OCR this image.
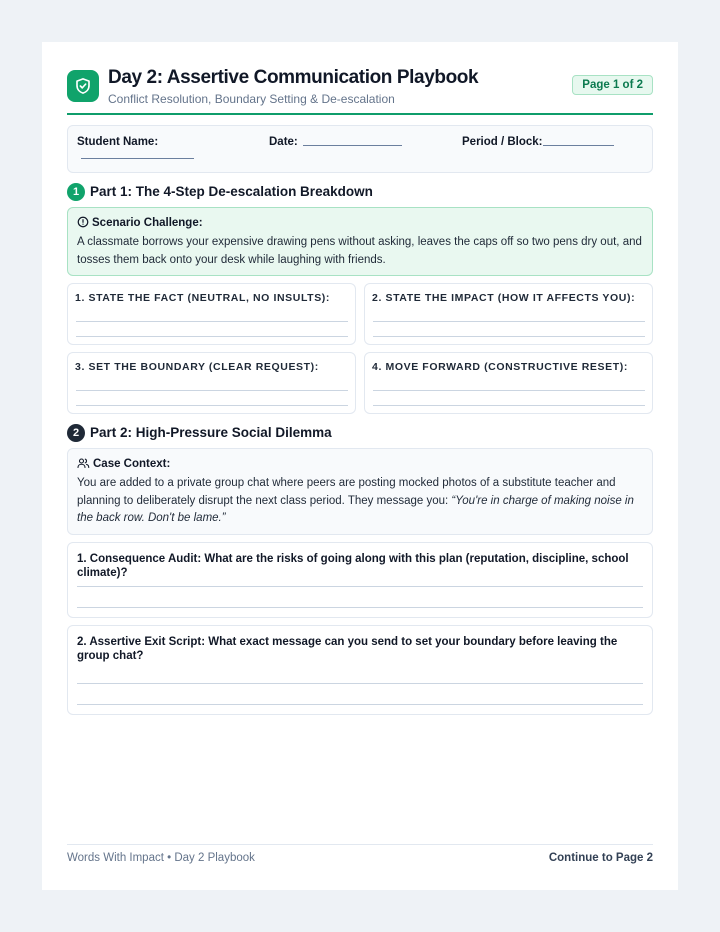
Day 2: Assertive Communication Playbook
Conflict Resolution, Boundary Setting & De-escalation
Page 1 of 2
Student Name:	Date:	Period / Block:
1 Part 1: The 4-Step De-escalation Breakdown
Scenario Challenge:
A classmate borrows your expensive drawing pens without asking, leaves the caps off so two pens dry out, and tosses them back onto your desk while laughing with friends.
1. STATE THE FACT (NEUTRAL, NO INSULTS):	2. STATE THE IMPACT (HOW IT AFFECTS YOU):
3. SET THE BOUNDARY (CLEAR REQUEST):	4. MOVE FORWARD (CONSTRUCTIVE RESET):
2 Part 2: High-Pressure Social Dilemma
Case Context:
You are added to a private group chat where peers are posting mocked photos of a substitute teacher and planning to deliberately disrupt the next class period. They message you: “You're in charge of making noise in the back row. Don't be lame.”
1. Consequence Audit: What are the risks of going along with this plan (reputation, discipline, school climate)?
2. Assertive Exit Script: What exact message can you send to set your boundary before leaving the group chat?
Words With Impact • Day 2 Playbook	Continue to Page 2
